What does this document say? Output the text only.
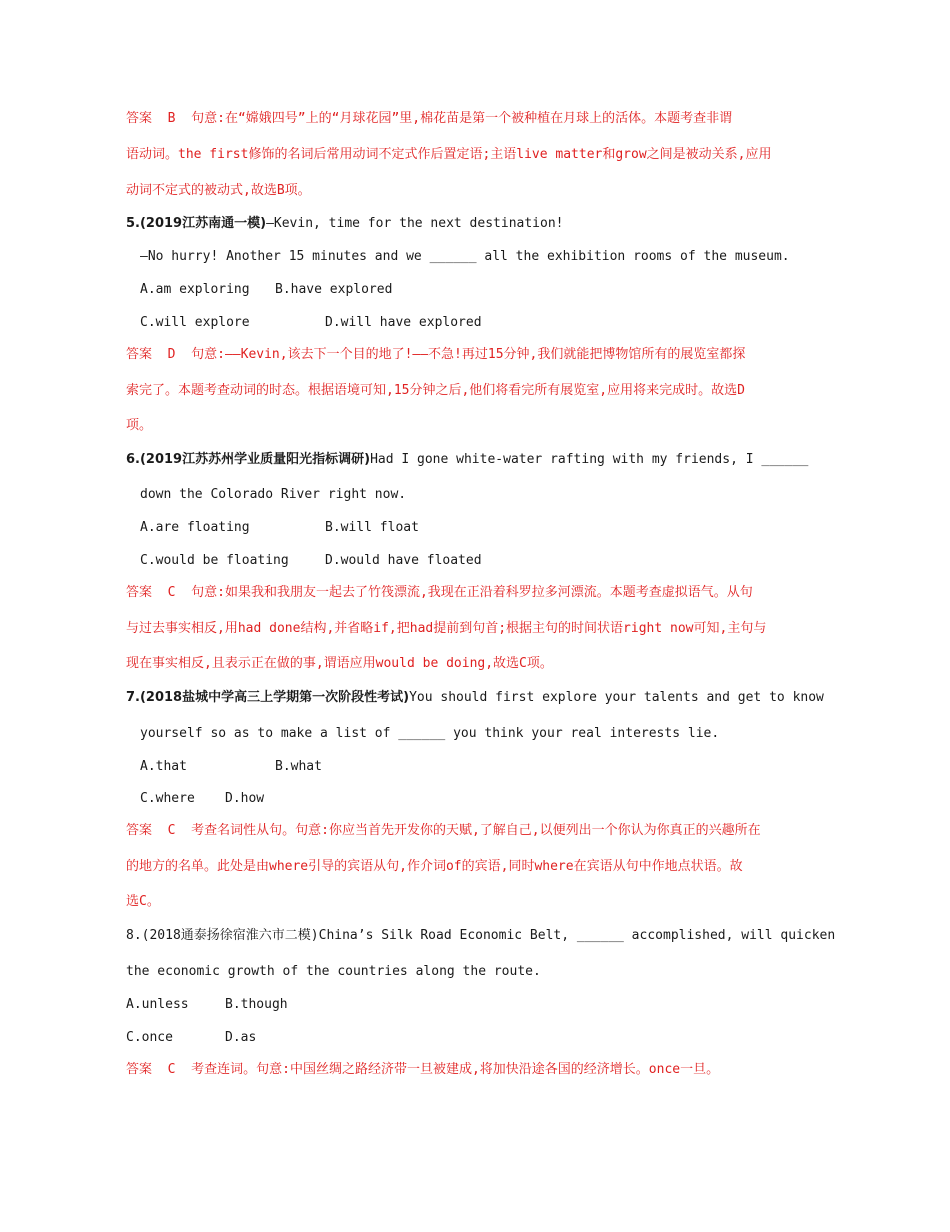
答案  B  句意:在“嫦娥四号”上的“月球花园”里,棉花苗是第一个被种植在月球上的活体。本题考查非谓
语动词。the first修饰的名词后常用动词不定式作后置定语;主语live matter和grow之间是被动关系,应用
动词不定式的被动式,故选B项。
5.(2019江苏南通一模)—Kevin, time for the next destination!
—No hurry! Another 15 minutes and we ______ all the exhibition rooms of the museum.
A.am exploring B.have explored
C.will explore	D.will have explored
答案  D  句意:——Kevin,该去下一个目的地了!——不急!再过15分钟,我们就能把博物馆所有的展览室都探
索完了。本题考查动词的时态。根据语境可知,15分钟之后,他们将看完所有展览室,应用将来完成时。故选D
项。
6.(2019江苏苏州学业质量阳光指标调研)Had I gone white-water rafting with my friends, I ______
down the Colorado River right now.
A.are floating	B.will float
C.would be floating	D.would have floated
答案  C  句意:如果我和我朋友一起去了竹筏漂流,我现在正沿着科罗拉多河漂流。本题考查虚拟语气。从句
与过去事实相反,用had done结构,并省略if,把had提前到句首;根据主句的时间状语right now可知,主句与
现在事实相反,且表示正在做的事,谓语应用would be doing,故选C项。
7.(2018盐城中学高三上学期第一次阶段性考试)You should first explore your talents and get to know
yourself so as to make a list of ______ you think your real interests lie.
A.that	B.what
C.where D.how
答案  C  考查名词性从句。句意:你应当首先开发你的天赋,了解自己,以便列出一个你认为你真正的兴趣所在
的地方的名单。此处是由where引导的宾语从句,作介词of的宾语,同时where在宾语从句中作地点状语。故
选C。
8.(2018通泰扬徐宿淮六市二模)China’s Silk Road Economic Belt, ______ accomplished, will quicken
the economic growth of the countries along the route.
A.unless	B.though
C.once	D.as
答案  C  考查连词。句意:中国丝绸之路经济带一旦被建成,将加快沿途各国的经济增长。once一旦。
